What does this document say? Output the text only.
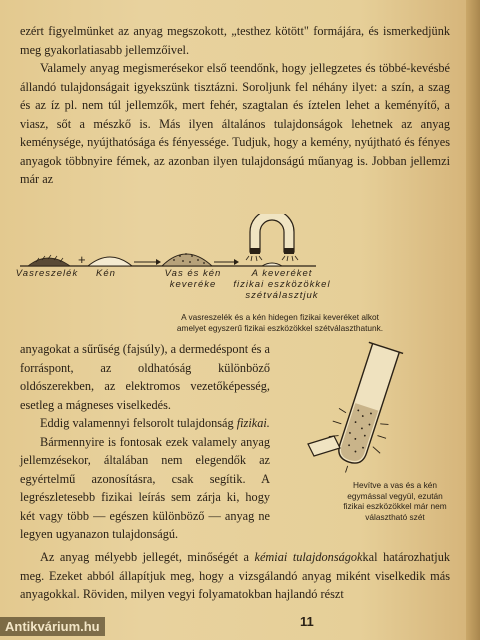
ezért figyelmünket az anyag megszokott, „testhez kötött" formájára, és ismerkedjünk meg gyakorlatiasabb jellemzőivel.

Valamely anyag megismerésekor első teendőnk, hogy jellegzetes és többé-kevésbé állandó tulajdonságait igyekszünk tisztázni. Soroljunk fel néhány ilyet: a szín, a szag és az íz pl. nem túl jellemzők, mert fehér, szagtalan és íztelen lehet a keményítő, a viasz, sőt a mészkő is. Más ilyen általános tulajdonságok lehetnek az anyag keménysége, nyújthatósága és fényessége. Tudjuk, hogy a kemény, nyújtható és fényes anyagok többnyire fémek, az azonban ilyen tulajdonságú műanyag is. Jobban jellemzi már az

+
Vasreszelék	Kén	Vas és kén
keveréke
A keveréket
fizikai eszközökkel
szétválasztjuk
A vasreszelék és a kén hidegen fizikai keveréket alkot
amelyet egyszerű fizikai eszközökkel szétválaszthatunk.

anyagokat a sűrűség (fajsúly), a dermedéspont és a forráspont, az oldhatóság különböző oldószerekben, az elektromos vezetőképesség, esetleg a mágneses viselkedés.

Eddig valamennyi felsorolt tulajdonság fizikai.

Bármennyire is fontosak ezek valamely anyag jellemzésekor, általában nem elegendők az egyértelmű azonosításra, csak segítik. A legrészletesebb fizikai leírás sem zárja ki, hogy két vagy több — egészen különböző — anyag ne legyen ugyanazon tulajdonságú.

Hevítve a vas és a kén egymással vegyül, ezután fizikai eszközökkel már nem választható szét

Az anyag mélyebb jellegét, minőségét a kémiai tulajdonságokkal határozhatjuk meg. Ezeket abból állapítjuk meg, hogy a vizsgálandó anyag miként viselkedik más anyagokkal. Röviden, milyen vegyi folyamatokban hajlandó részt

11
Antikvárium.hu
